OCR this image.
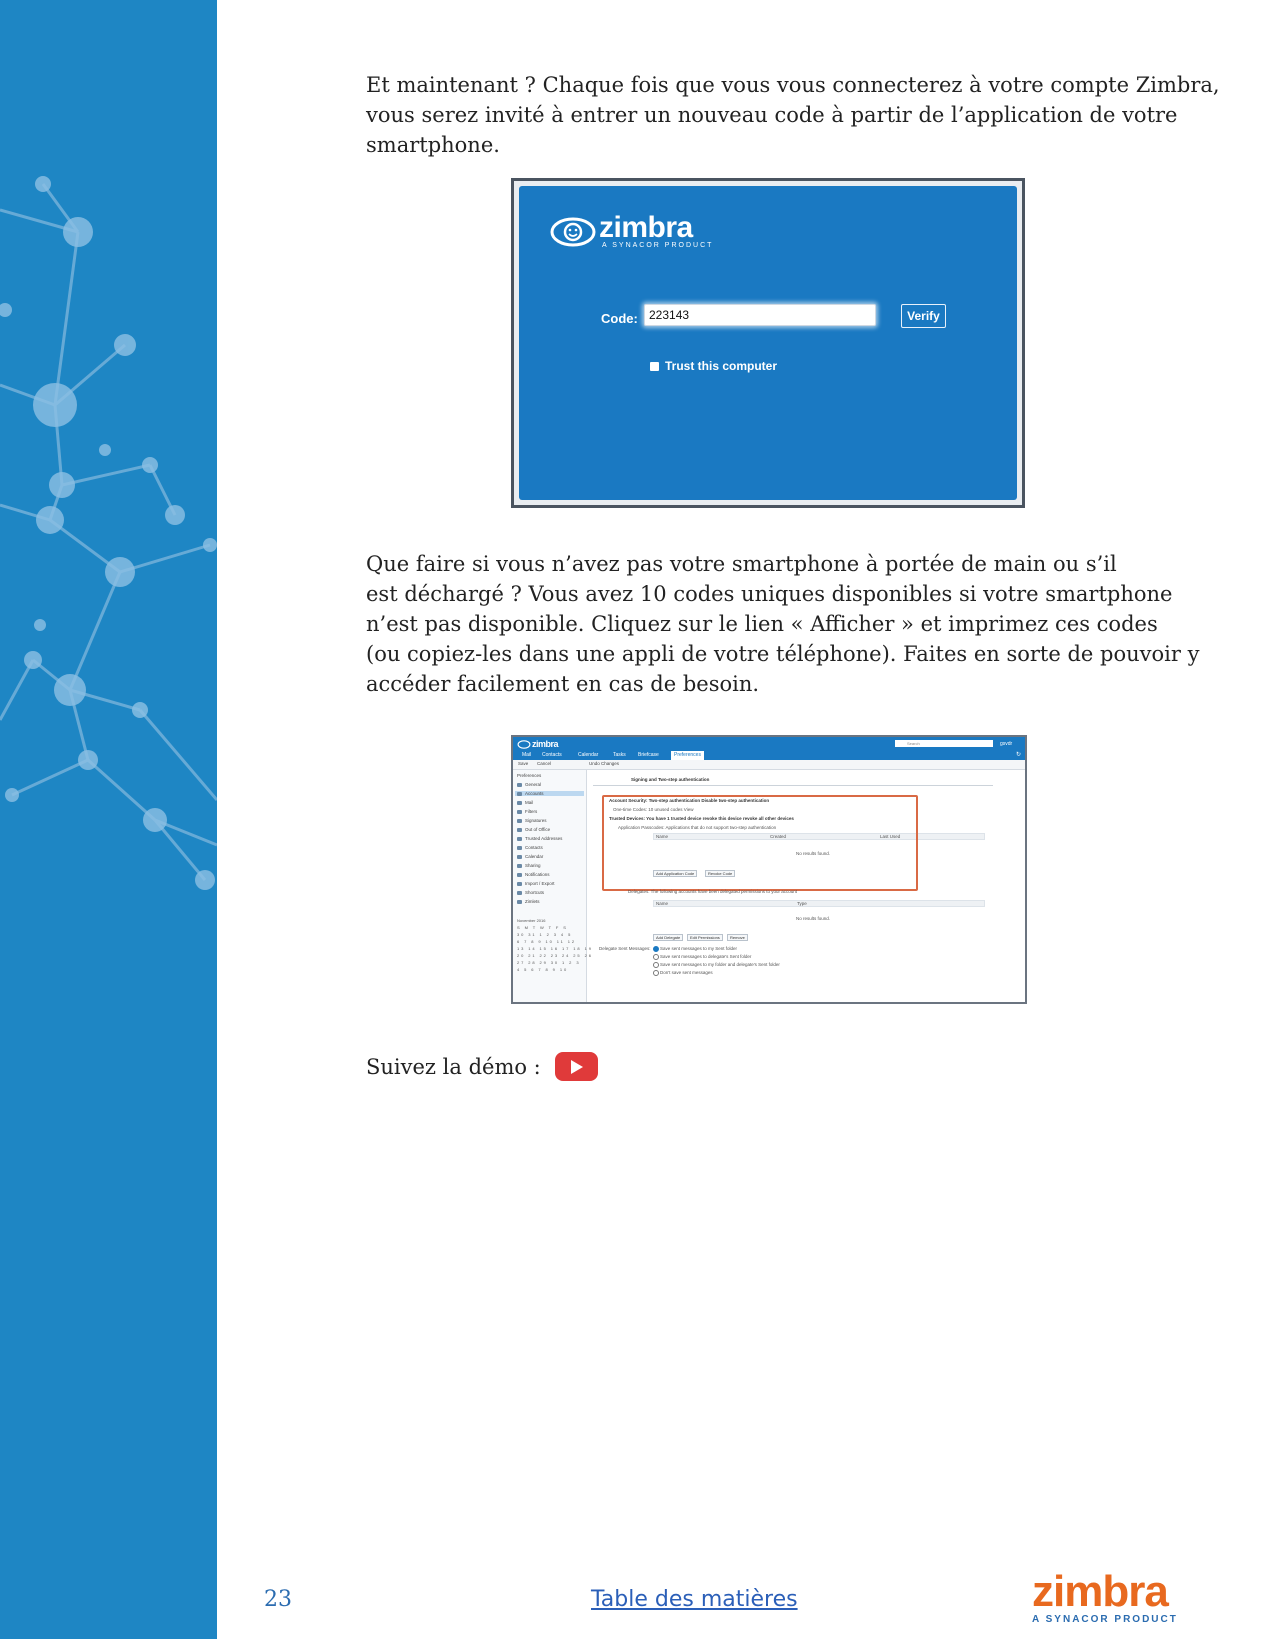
Et maintenant ? Chaque fois que vous vous connecterez à votre compte Zimbra,
vous serez invité à entrer un nouveau code à partir de l’application de votre
smartphone.
zimbra
A SYNACOR PRODUCT
Code:
223143	Verify
Trust this computer
Que faire si vous n’avez pas votre smartphone à portée de main ou s’il
est déchargé ? Vous avez 10 codes uniques disponibles si votre smartphone
n’est pas disponible. Cliquez sur le lien « Afficher » et imprimez ces codes
(ou copiez-les dans une appli de votre téléphone). Faites en sorte de pouvoir y
accéder facilement en cas de besoin.
zimbra	Search	gsvdr
Mail Contacts	Calendar	Tasks Briefcase	Preferences	↻
Save Cancel	Undo Changes
Preferences
General
Accounts
Mail
Filters
Signatures
Out of Office
Trusted Addresses
Contacts
Calendar
Sharing
Notifications
Import / Export
Shortcuts
Zimlets
November 2016
S M T W T F S
30 31 1 2 3 4 5
6 7 8 9 10 11 12
13 14 15 16 17 18 19
20 21 22 23 24 25 26
27 28 29 30 1 2 3
4 5 6 7 8 9 10
Signing and Two-step authentication
Account Security: Two-step authentication Disable two-step authentication
One-time Codes: 10 unused codes View
Trusted Devices: You have 1 trusted device revoke this device revoke all other devices
Application Passcodes: Applications that do not support two-step authentication
Name	Created	Last Used
No results found.
Add Application Code	Revoke Code
Delegates: The following accounts have been delegated permissions to your account
Name	Type
No results found.
Add Delegate	Edit Permissions	Remove
Delegate Sent Messages: Save sent messages to my Sent folder
Save sent messages to delegate's Sent folder
Save sent messages to my folder and delegate's Sent folder
Don't save sent messages
Suivez la démo :
23	Table des matières	zimbra
A SYNACOR PRODUCT
